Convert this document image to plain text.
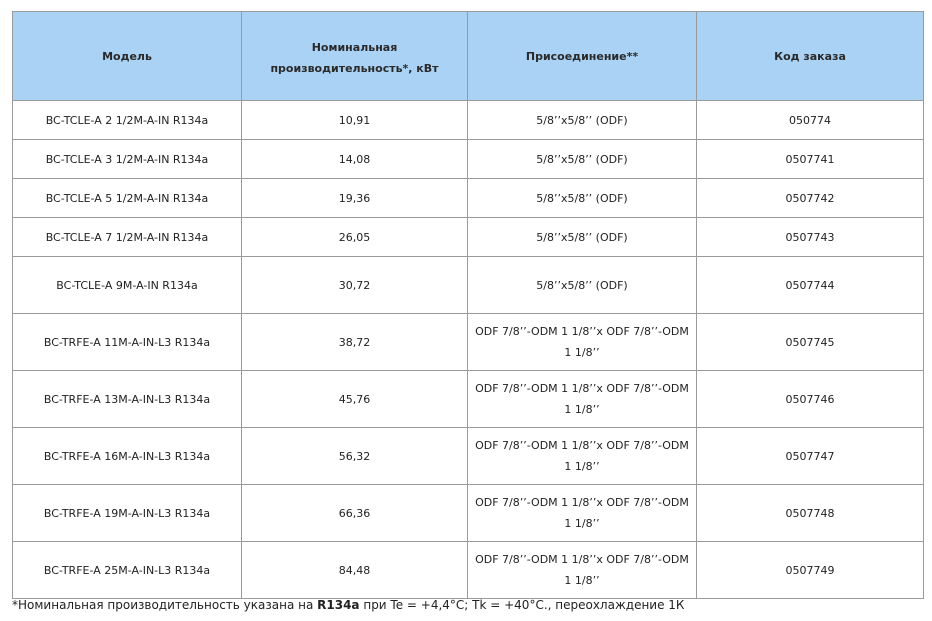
Модель	Номинальная производительность*, кВт	Присоединение**	Код заказа
BC-TCLE-A 2 1/2M-A-IN R134a	10,91	5/8’’x5/8’’ (ODF)	050774
BC-TCLE-A 3 1/2M-A-IN R134a	14,08	5/8’’x5/8’’ (ODF)	0507741
BC-TCLE-A 5 1/2M-A-IN R134a	19,36	5/8’’x5/8’’ (ODF)	0507742
BC-TCLE-A 7 1/2M-A-IN R134a	26,05	5/8’’x5/8’’ (ODF)	0507743
BC-TCLE-A 9M-A-IN R134a	30,72	5/8’’x5/8’’ (ODF)	0507744
BC-TRFE-A 11M-A-IN-L3 R134a	38,72	ODF 7/8’’-ODM 1 1/8’’x ODF 7/8’’-ODM 1 1/8’’	0507745
BC-TRFE-A 13M-A-IN-L3 R134a	45,76	ODF 7/8’’-ODM 1 1/8’’x ODF 7/8’’-ODM 1 1/8’’	0507746
BC-TRFE-A 16M-A-IN-L3 R134a	56,32	ODF 7/8’’-ODM 1 1/8’’x ODF 7/8’’-ODM 1 1/8’’	0507747
BC-TRFE-A 19M-A-IN-L3 R134a	66,36	ODF 7/8’’-ODM 1 1/8’’x ODF 7/8’’-ODM 1 1/8’’	0507748
BC-TRFE-A 25M-A-IN-L3 R134a	84,48	ODF 7/8’’-ODM 1 1/8’’x ODF 7/8’’-ODM 1 1/8’’	0507749
*Номинальная производительность указана на R134a при Te = +4,4°С; Tk = +40°С., переохлаждение 1К
